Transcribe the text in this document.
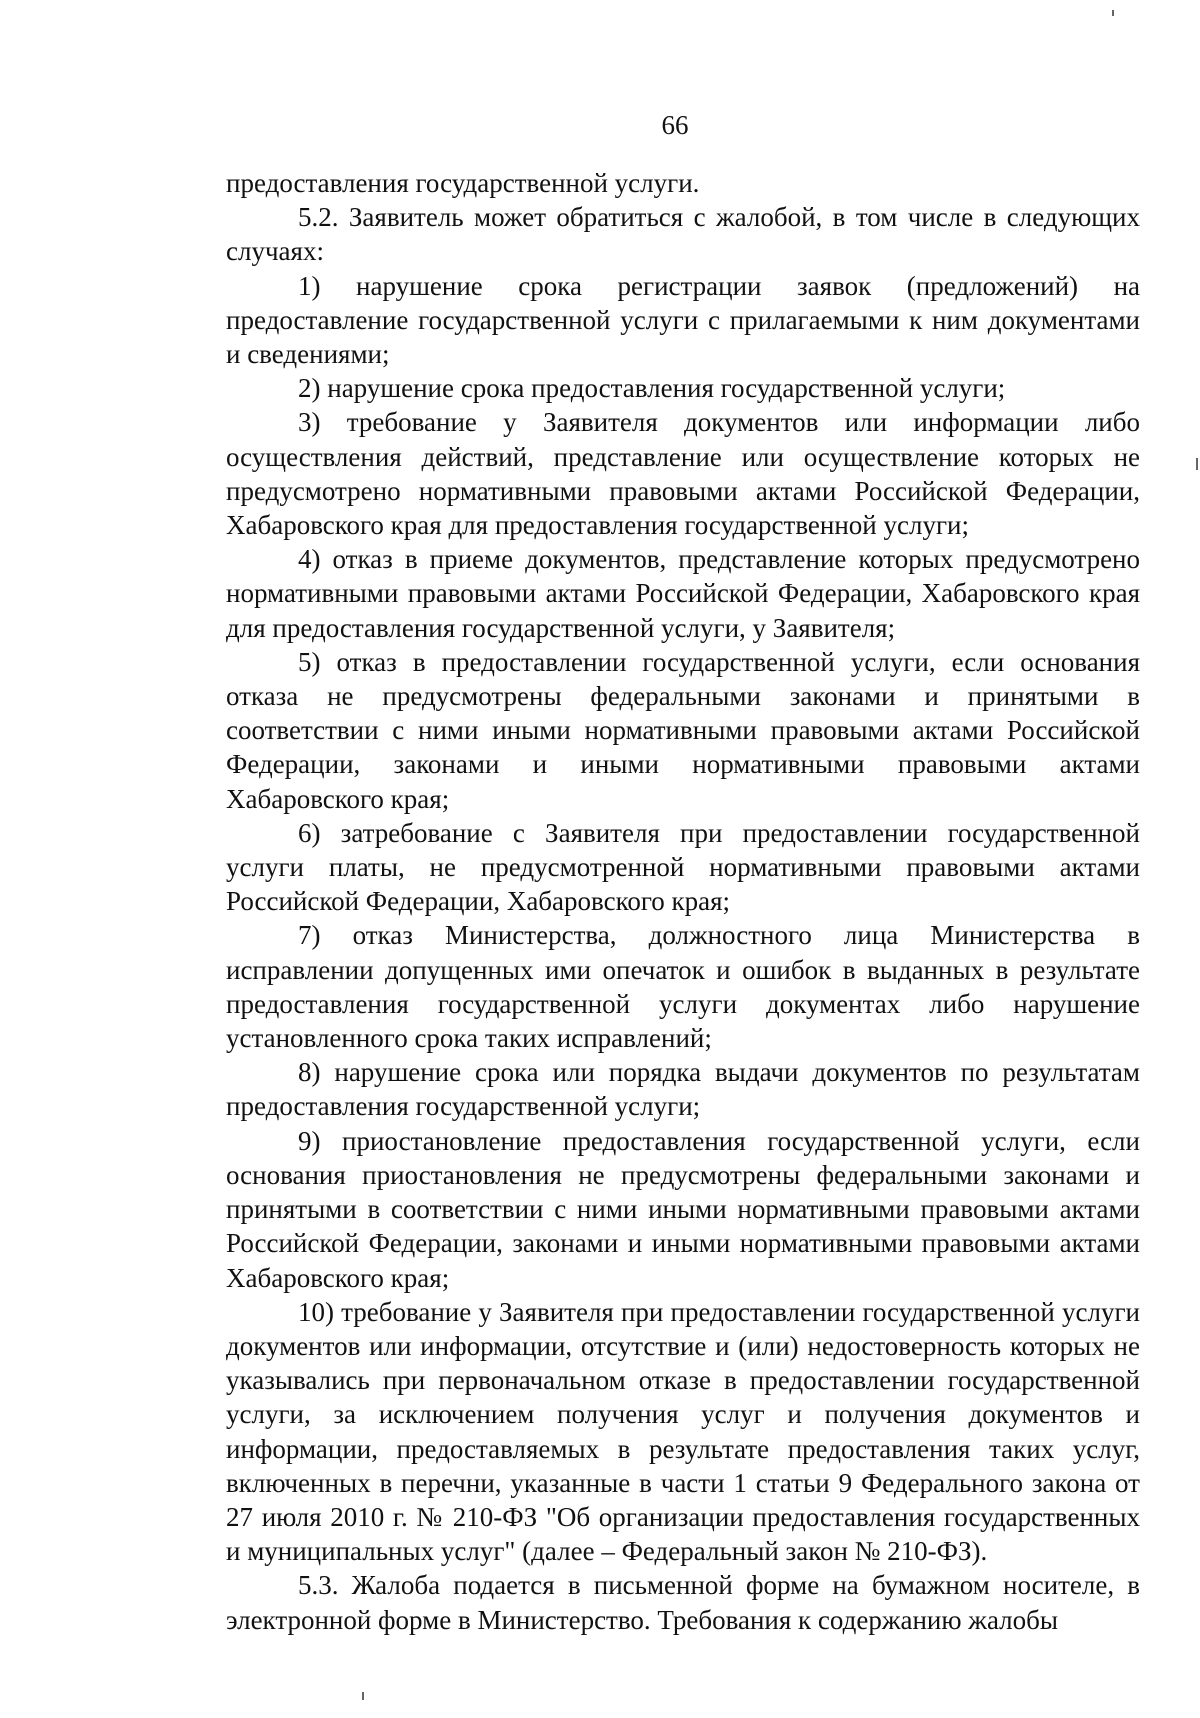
66

предоставления государственной услуги.

5.2. Заявитель может обратиться с жалобой, в том числе в следующих случаях:

1) нарушение срока регистрации заявок (предложений) на предоставление государственной услуги с прилагаемыми к ним документами и сведениями;

2) нарушение срока предоставления государственной услуги;

3) требование у Заявителя документов или информации либо осуществления действий, представление или осуществление которых не предусмотрено нормативными правовыми актами Российской Федерации, Хабаровского края для предоставления государственной услуги;

4) отказ в приеме документов, представление которых предусмотрено нормативными правовыми актами Российской Федерации, Хабаровского края для предоставления государственной услуги, у Заявителя;

5) отказ в предоставлении государственной услуги, если основания отказа не предусмотрены федеральными законами и принятыми в соответствии с ними иными нормативными правовыми актами Российской Федерации, законами и иными нормативными правовыми актами Хабаровского края;

6) затребование с Заявителя при предоставлении государственной услуги платы, не предусмотренной нормативными правовыми актами Российской Федерации, Хабаровского края;

7) отказ Министерства, должностного лица Министерства в исправлении допущенных ими опечаток и ошибок в выданных в результате предоставления государственной услуги документах либо нарушение установленного срока таких исправлений;

8) нарушение срока или порядка выдачи документов по результатам предоставления государственной услуги;

9) приостановление предоставления государственной услуги, если основания приостановления не предусмотрены федеральными законами и принятыми в соответствии с ними иными нормативными правовыми актами Российской Федерации, законами и иными нормативными правовыми актами Хабаровского края;

10) требование у Заявителя при предоставлении государственной услуги документов или информации, отсутствие и (или) недостоверность которых не указывались при первоначальном отказе в предоставлении государственной услуги, за исключением получения услуг и получения документов и информации, предоставляемых в результате предоставления таких услуг, включенных в перечни, указанные в части 1 статьи 9 Федерального закона от 27 июля 2010 г. № 210-ФЗ "Об организации предоставления государственных и муниципальных услуг" (далее – Федеральный закон № 210-ФЗ).

5.3. Жалоба подается в письменной форме на бумажном носителе, в электронной форме в Министерство. Требования к содержанию жалобы
